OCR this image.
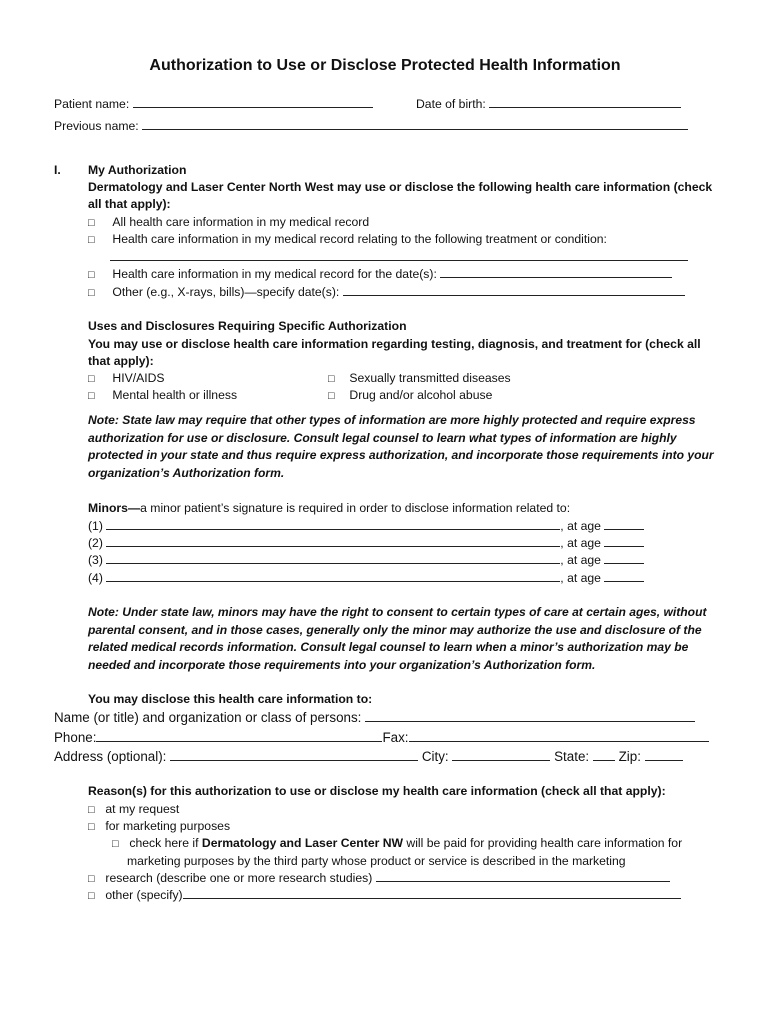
Authorization to Use or Disclose Protected Health Information
Patient name:	Date of birth:
Previous name:
I. My Authorization
Dermatology and Laser Center North West may use or disclose the following health care information (check
all that apply):
□ All health care information in my medical record
□ Health care information in my medical record relating to the following treatment or condition:
□ Health care information in my medical record for the date(s):
□ Other (e.g., X-rays, bills)—specify date(s):
Uses and Disclosures Requiring Specific Authorization
You may use or disclose health care information regarding testing, diagnosis, and treatment for (check all
that apply):
□ HIV/AIDS	□ Sexually transmitted diseases
□ Mental health or illness	□ Drug and/or alcohol abuse
Note: State law may require that other types of information are more highly protected and require express
authorization for use or disclosure. Consult legal counsel to learn what types of information are highly
protected in your state and thus require express authorization, and incorporate those requirements into your
organization’s Authorization form.
Minors—a minor patient’s signature is required in order to disclose information related to:
(1)	, at age
(2)	, at age
(3)	, at age
(4)	, at age
Note: Under state law, minors may have the right to consent to certain types of care at certain ages, without
parental consent, and in those cases, generally only the minor may authorize the use and disclosure of the
related medical records information. Consult legal counsel to learn when a minor’s authorization may be
needed and incorporate those requirements into your organization’s Authorization form.
You may disclose this health care information to:
Name (or title) and organization or class of persons:
Phone:	Fax:
Address (optional):	City:	State: Zip:
Reason(s) for this authorization to use or disclose my health care information (check all that apply):
□ at my request
□ for marketing purposes
□ check here if Dermatology and Laser Center NW will be paid for providing health care information for
marketing purposes by the third party whose product or service is described in the marketing
□ research (describe one or more research studies)
□ other (specify)
